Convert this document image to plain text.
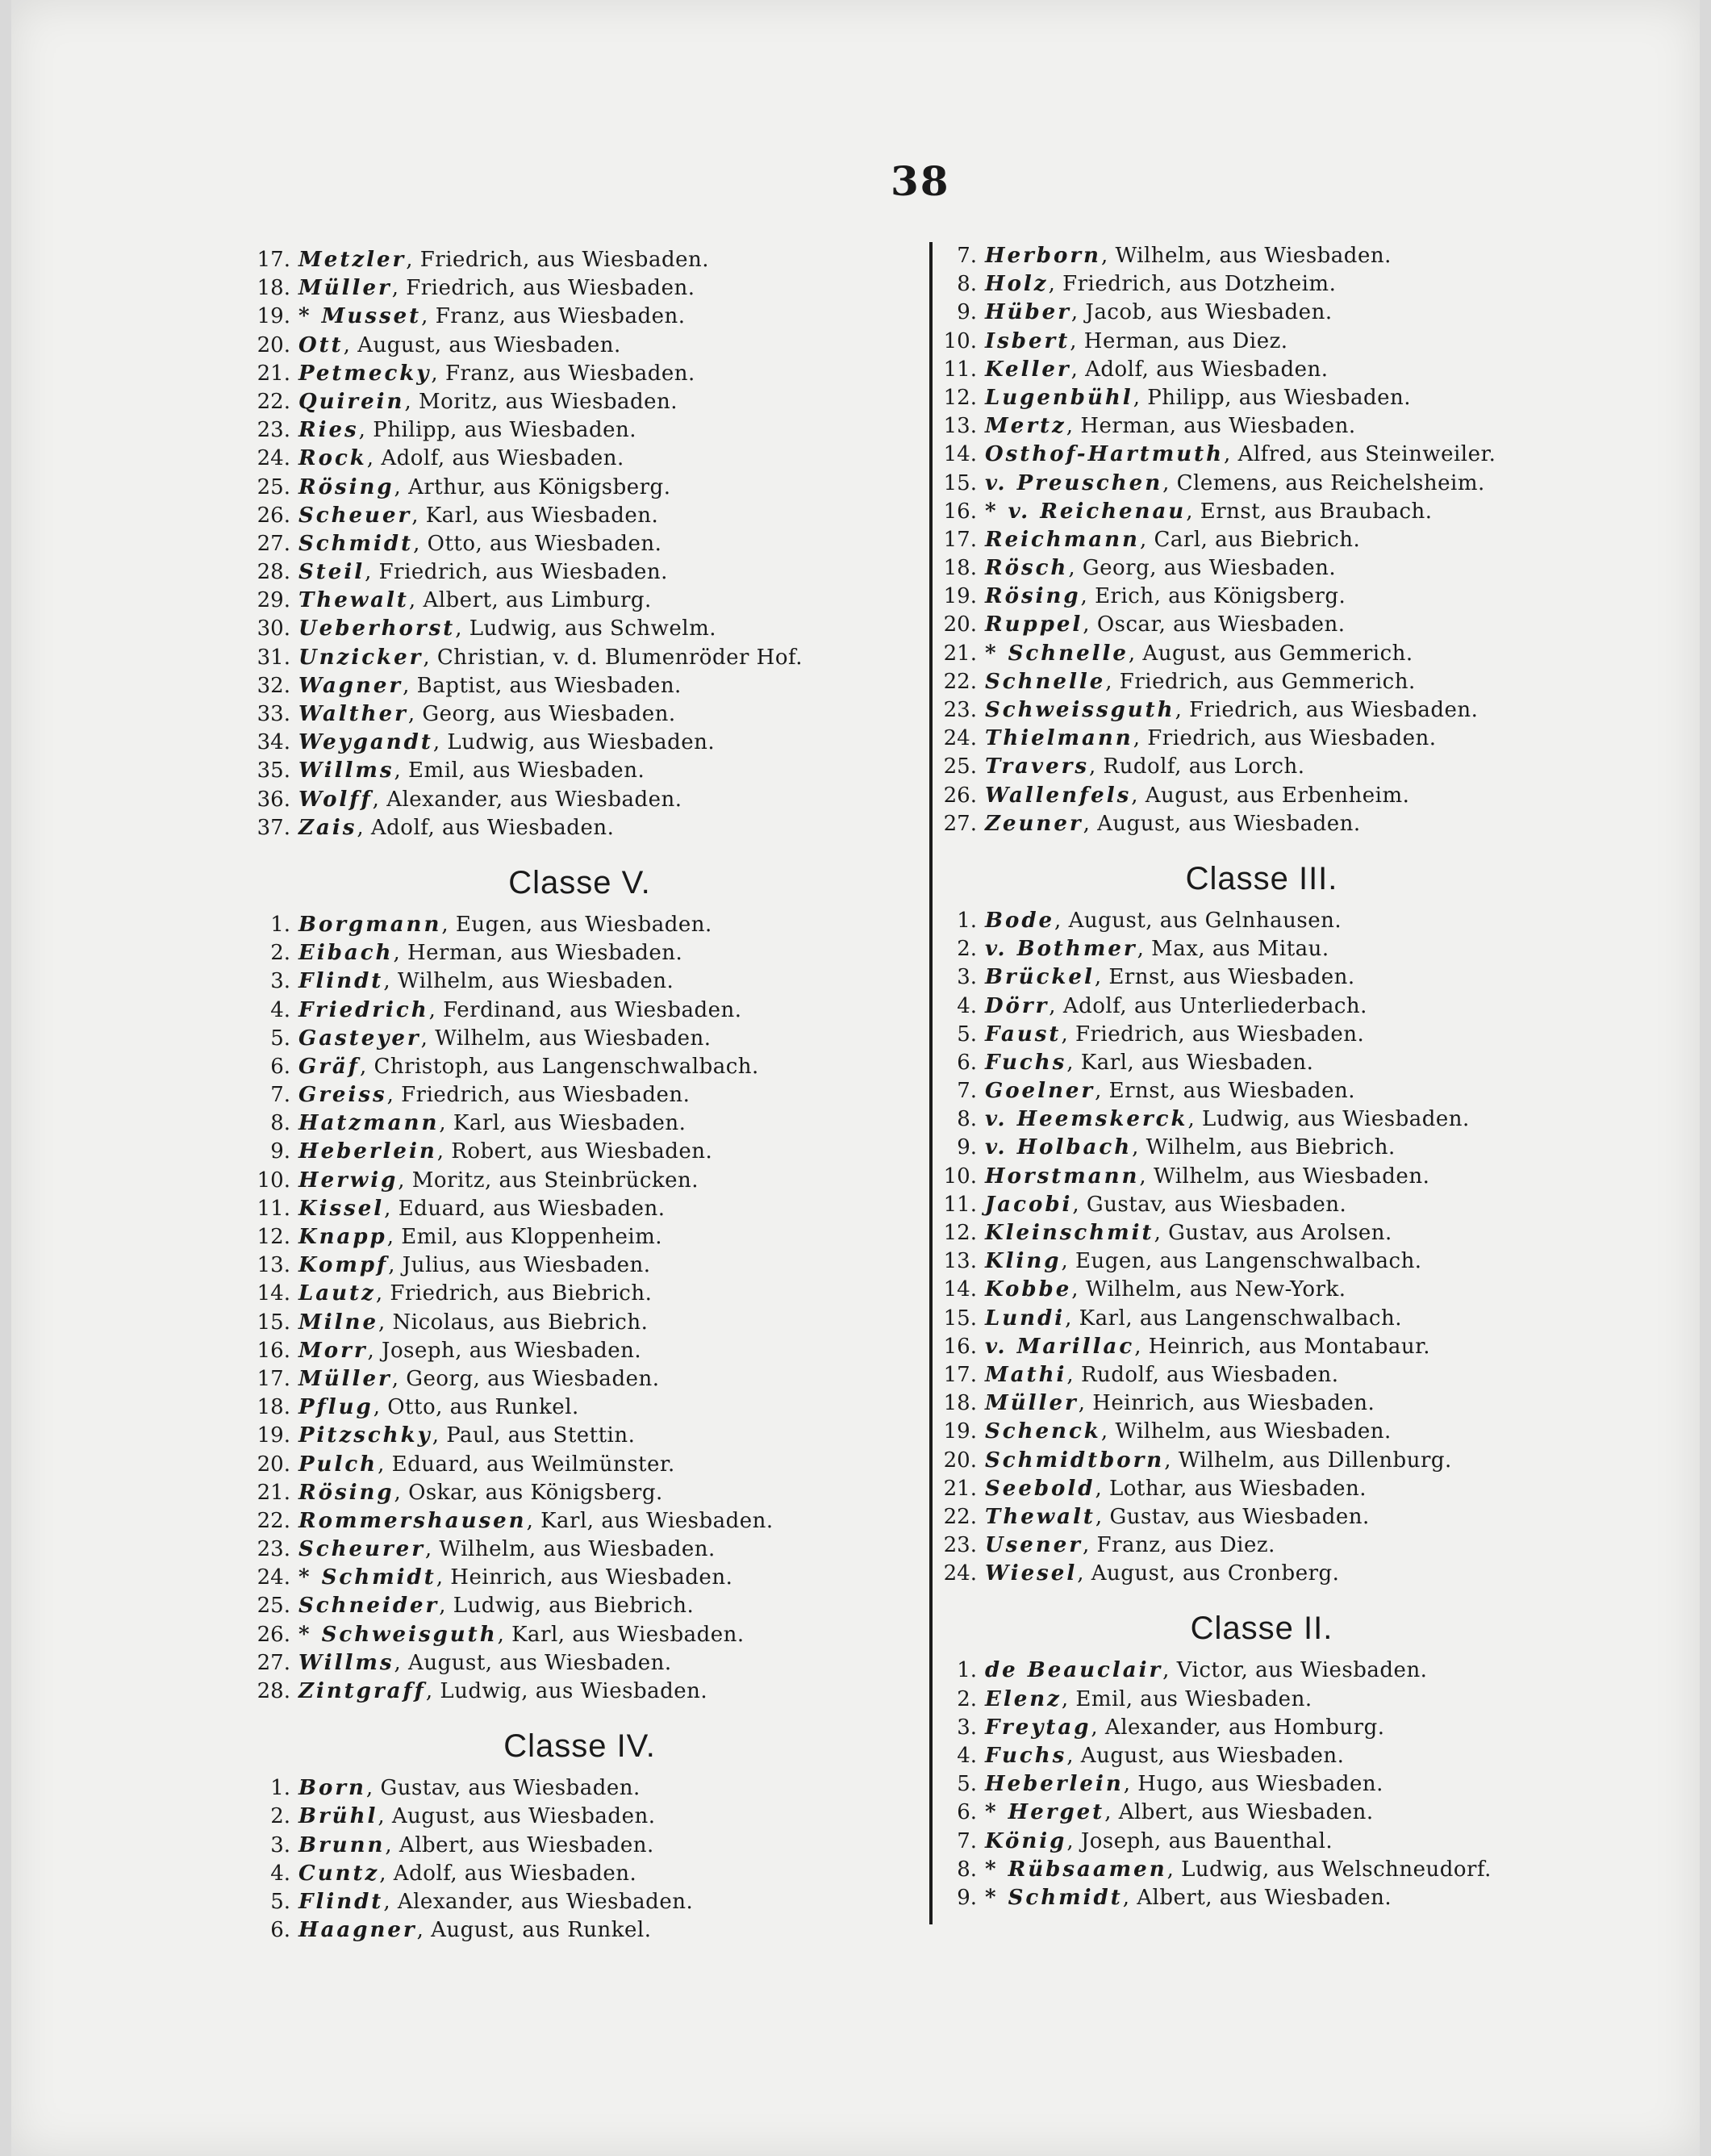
38
17. Metzler, Friedrich, aus Wiesbaden.
18. Müller, Friedrich, aus Wiesbaden.
19. * Musset, Franz, aus Wiesbaden.
20. Ott, August, aus Wiesbaden.
21. Petmecky, Franz, aus Wiesbaden.
22. Quirein, Moritz, aus Wiesbaden.
23. Ries, Philipp, aus Wiesbaden.
24. Rock, Adolf, aus Wiesbaden.
25. Rösing, Arthur, aus Königsberg.
26. Scheuer, Karl, aus Wiesbaden.
27. Schmidt, Otto, aus Wiesbaden.
28. Steil, Friedrich, aus Wiesbaden.
29. Thewalt, Albert, aus Limburg.
30. Ueberhorst, Ludwig, aus Schwelm.
31. Unzicker, Christian, v. d. Blumenröder Hof.
32. Wagner, Baptist, aus Wiesbaden.
33. Walther, Georg, aus Wiesbaden.
34. Weygandt, Ludwig, aus Wiesbaden.
35. Willms, Emil, aus Wiesbaden.
36. Wolff, Alexander, aus Wiesbaden.
37. Zais, Adolf, aus Wiesbaden.
Classe V.
1. Borgmann, Eugen, aus Wiesbaden.
2. Eibach, Herman, aus Wiesbaden.
3. Flindt, Wilhelm, aus Wiesbaden.
4. Friedrich, Ferdinand, aus Wiesbaden.
5. Gasteyer, Wilhelm, aus Wiesbaden.
6. Gräf, Christoph, aus Langenschwalbach.
7. Greiss, Friedrich, aus Wiesbaden.
8. Hatzmann, Karl, aus Wiesbaden.
9. Heberlein, Robert, aus Wiesbaden.
10. Herwig, Moritz, aus Steinbrücken.
11. Kissel, Eduard, aus Wiesbaden.
12. Knapp, Emil, aus Kloppenheim.
13. Kompf, Julius, aus Wiesbaden.
14. Lautz, Friedrich, aus Biebrich.
15. Milne, Nicolaus, aus Biebrich.
16. Morr, Joseph, aus Wiesbaden.
17. Müller, Georg, aus Wiesbaden.
18. Pflug, Otto, aus Runkel.
19. Pitzschky, Paul, aus Stettin.
20. Pulch, Eduard, aus Weilmünster.
21. Rösing, Oskar, aus Königsberg.
22. Rommershausen, Karl, aus Wiesbaden.
23. Scheurer, Wilhelm, aus Wiesbaden.
24. * Schmidt, Heinrich, aus Wiesbaden.
25. Schneider, Ludwig, aus Biebrich.
26. * Schweisguth, Karl, aus Wiesbaden.
27. Willms, August, aus Wiesbaden.
28. Zintgraff, Ludwig, aus Wiesbaden.
Classe IV.
1. Born, Gustav, aus Wiesbaden.
2. Brühl, August, aus Wiesbaden.
3. Brunn, Albert, aus Wiesbaden.
4. Cuntz, Adolf, aus Wiesbaden.
5. Flindt, Alexander, aus Wiesbaden.
6. Haagner, August, aus Runkel.
7. Herborn, Wilhelm, aus Wiesbaden.
8. Holz, Friedrich, aus Dotzheim.
9. Hüber, Jacob, aus Wiesbaden.
10. Isbert, Herman, aus Diez.
11. Keller, Adolf, aus Wiesbaden.
12. Lugenbühl, Philipp, aus Wiesbaden.
13. Mertz, Herman, aus Wiesbaden.
14. Osthof-Hartmuth, Alfred, aus Steinweiler.
15. v. Preuschen, Clemens, aus Reichelsheim.
16. * v. Reichenau, Ernst, aus Braubach.
17. Reichmann, Carl, aus Biebrich.
18. Rösch, Georg, aus Wiesbaden.
19. Rösing, Erich, aus Königsberg.
20. Ruppel, Oscar, aus Wiesbaden.
21. * Schnelle, August, aus Gemmerich.
22. Schnelle, Friedrich, aus Gemmerich.
23. Schweissguth, Friedrich, aus Wiesbaden.
24. Thielmann, Friedrich, aus Wiesbaden.
25. Travers, Rudolf, aus Lorch.
26. Wallenfels, August, aus Erbenheim.
27. Zeuner, August, aus Wiesbaden.
Classe III.
1. Bode, August, aus Gelnhausen.
2. v. Bothmer, Max, aus Mitau.
3. Brückel, Ernst, aus Wiesbaden.
4. Dörr, Adolf, aus Unterliederbach.
5. Faust, Friedrich, aus Wiesbaden.
6. Fuchs, Karl, aus Wiesbaden.
7. Goelner, Ernst, aus Wiesbaden.
8. v. Heemskerck, Ludwig, aus Wiesbaden.
9. v. Holbach, Wilhelm, aus Biebrich.
10. Horstmann, Wilhelm, aus Wiesbaden.
11. Jacobi, Gustav, aus Wiesbaden.
12. Kleinschmit, Gustav, aus Arolsen.
13. Kling, Eugen, aus Langenschwalbach.
14. Kobbe, Wilhelm, aus New-York.
15. Lundi, Karl, aus Langenschwalbach.
16. v. Marillac, Heinrich, aus Montabaur.
17. Mathi, Rudolf, aus Wiesbaden.
18. Müller, Heinrich, aus Wiesbaden.
19. Schenck, Wilhelm, aus Wiesbaden.
20. Schmidtborn, Wilhelm, aus Dillenburg.
21. Seebold, Lothar, aus Wiesbaden.
22. Thewalt, Gustav, aus Wiesbaden.
23. Usener, Franz, aus Diez.
24. Wiesel, August, aus Cronberg.
Classe II.
1. de Beauclair, Victor, aus Wiesbaden.
2. Elenz, Emil, aus Wiesbaden.
3. Freytag, Alexander, aus Homburg.
4. Fuchs, August, aus Wiesbaden.
5. Heberlein, Hugo, aus Wiesbaden.
6. * Herget, Albert, aus Wiesbaden.
7. König, Joseph, aus Bauenthal.
8. * Rübsaamen, Ludwig, aus Welschneudorf.
9. * Schmidt, Albert, aus Wiesbaden.
